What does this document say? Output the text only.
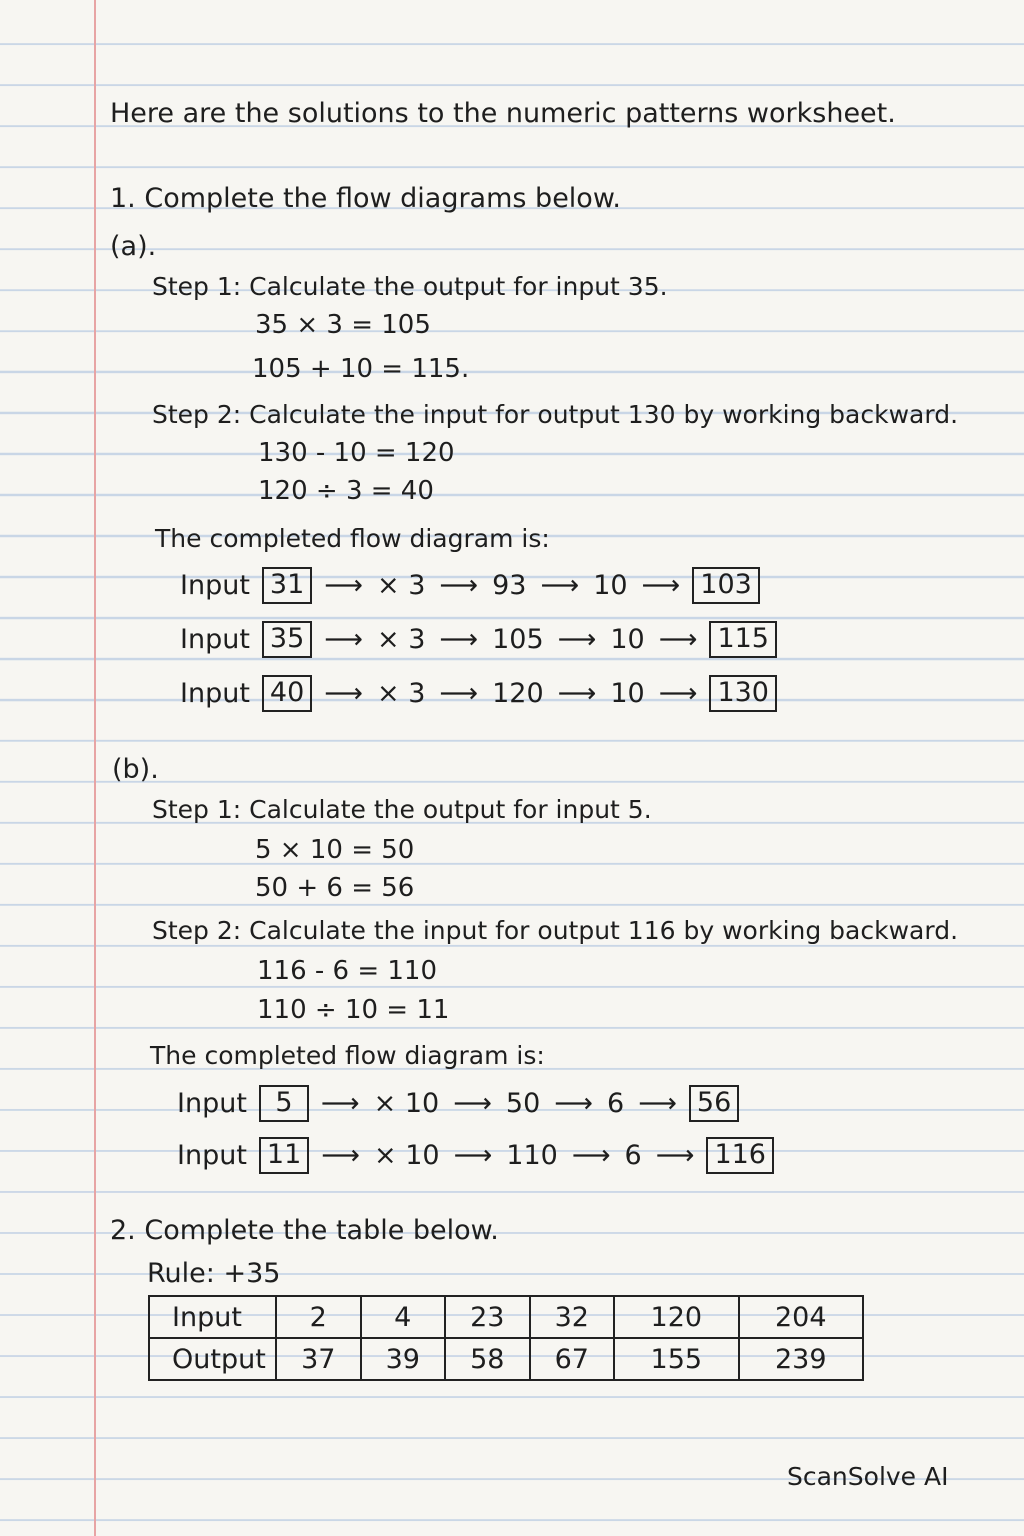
Here are the solutions to the numeric patterns worksheet.
1. Complete the flow diagrams below.
(a).
Step 1: Calculate the output for input 35.
35 × 3 = 105
105 + 10 = 115.
Step 2: Calculate the input for output 130 by working backward.
130 - 10 = 120
120 ÷ 3 = 40
The completed flow diagram is:
Input 31 ⟶ × 3 ⟶ 93 ⟶ 10 ⟶ 103
Input 35 ⟶ × 3 ⟶ 105 ⟶ 10 ⟶ 115
Input 40 ⟶ × 3 ⟶ 120 ⟶ 10 ⟶ 130
(b).
Step 1: Calculate the output for input 5.
5 × 10 = 50
50 + 6 = 56
Step 2: Calculate the input for output 116 by working backward.
116 - 6 = 110
110 ÷ 10 = 11
The completed flow diagram is:
Input	5	⟶ × 10 ⟶ 50 ⟶ 6 ⟶ 56
Input 11 ⟶ × 10 ⟶ 110 ⟶ 6 ⟶ 116
2. Complete the table below.
Rule: +35
Input	2	4	23	32	120	204
Output	37	39	58	67	155	239
ScanSolve AI
